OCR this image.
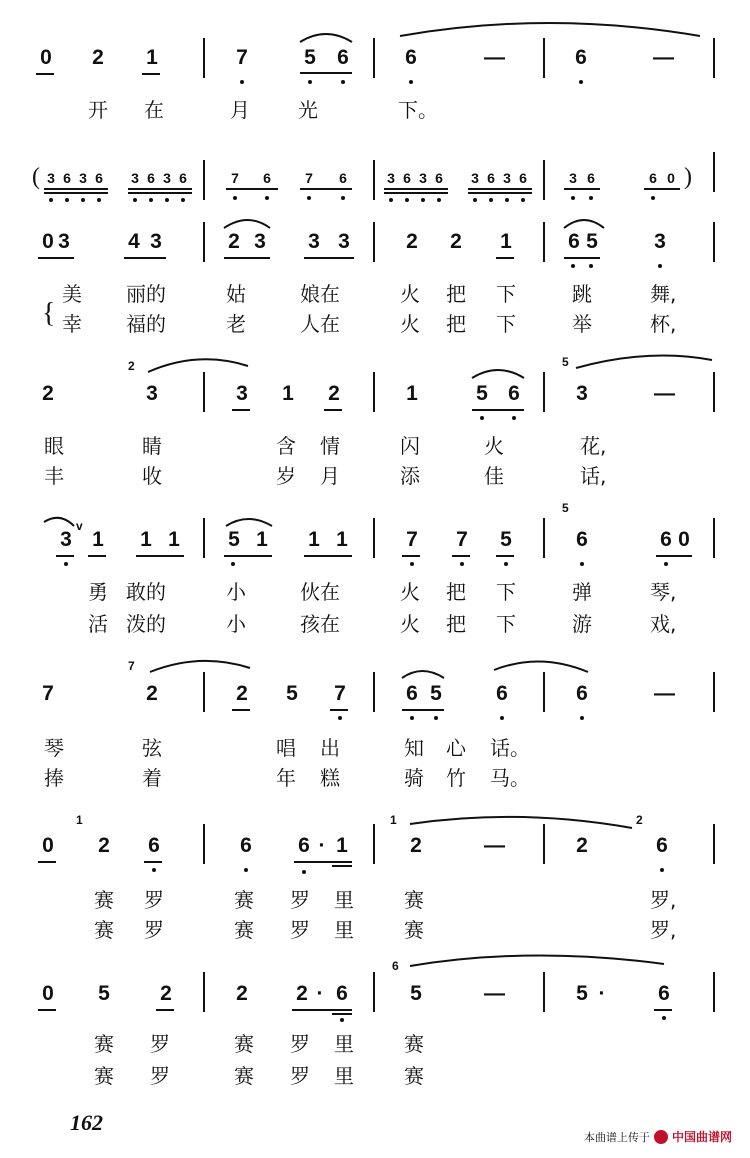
0 2 1	7	5 6	6	—	6	—
开 在	月 光	下。
( 3 6 3 6 3 6 3 6	7 6 7 6	3 6 3 6 3 6 3 6	3 6	6 0 )
0 3	4 3	2 3 3 3	2 2 1	6 5	3
{
美 丽的	姑	娘在	火 把 下	跳	舞,
幸 福的	老	人在	火 把 下	举	杯,
2
2
3	3 1 2	1	5 6
5
3	—
眼	睛	含 情	闪	火	花,
丰	收	岁 月	添	佳	话,
3
v
1 1 1 5 1 1 1	7 7 5
5
6	6 0
勇 敢的	小	伙在	火 把 下	弹	琴,
活 泼的	小	孩在	火 把 下	游	戏,
7
7
2	2 5 7	6 5	6	6	—
琴	弦	唱 出	知 心 话。
捧	着	年 糕	骑 竹 马。
0
1
2 6	6 6 · 1
1
2	—	2
2
6
赛 罗	赛 罗 里	赛	罗,
赛 罗	赛 罗 里	赛	罗,
0 5 2	2 2 · 6
6
5	—	5 ·	6
赛 罗	赛 罗 里	赛
赛 罗	赛 罗 里	赛
162
本曲谱上传于 中国曲谱网
